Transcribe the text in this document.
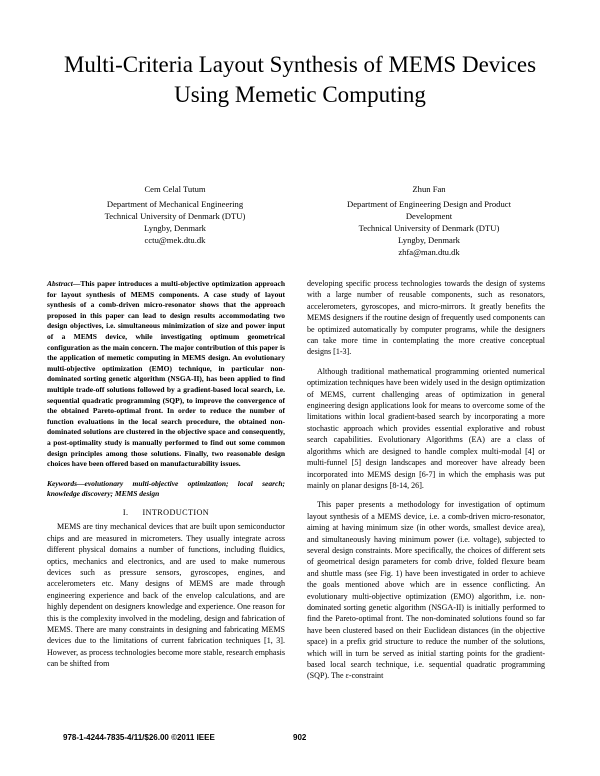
Multi-Criteria Layout Synthesis of MEMS Devices
Using Memetic Computing
Cem Celal Tutum
Department of Mechanical Engineering
Technical University of Denmark (DTU)
Lyngby, Denmark
cctu@mek.dtu.dk
Zhun Fan
Department of Engineering Design and Product
Development
Technical University of Denmark (DTU)
Lyngby, Denmark
zhfa@man.dtu.dk

Abstract—This paper introduces a multi-objective optimization approach for layout synthesis of MEMS components. A case study of layout synthesis of a comb-driven micro-resonator shows that the approach proposed in this paper can lead to design results accommodating two design objectives, i.e. simultaneous minimization of size and power input of a MEMS device, while investigating optimum geometrical configuration as the main concern. The major contribution of this paper is the application of memetic computing in MEMS design. An evolutionary multi-objective optimization (EMO) technique, in particular non-dominated sorting genetic algorithm (NSGA-II), has been applied to find multiple trade-off solutions followed by a gradient-based local search, i.e. sequential quadratic programming (SQP), to improve the convergence of the obtained Pareto-optimal front. In order to reduce the number of function evaluations in the local search procedure, the obtained non-dominated solutions are clustered in the objective space and consequently, a post-optimality study is manually performed to find out some common design principles among those solutions. Finally, two reasonable design choices have been offered based on manufacturability issues.

Keywords—evolutionary multi-objective optimization; local search; knowledge discovery; MEMS design

I. INTRODUCTION

MEMS are tiny mechanical devices that are built upon semiconductor chips and are measured in micrometers. They usually integrate across different physical domains a number of functions, including fluidics, optics, mechanics and electronics, and are used to make numerous devices such as pressure sensors, gyroscopes, engines, and accelerometers etc. Many designs of MEMS are made through engineering experience and back of the envelop calculations, and are highly dependent on designers knowledge and experience. One reason for this is the complexity involved in the modeling, design and fabrication of MEMS. There are many constraints in designing and fabricating MEMS devices due to the limitations of current fabrication techniques [1, 3]. However, as process technologies become more stable, research emphasis can be shifted from

developing specific process technologies towards the design of systems with a large number of reusable components, such as resonators, accelerometers, gyroscopes, and micro-mirrors. It greatly benefits the MEMS designers if the routine design of frequently used components can be optimized automatically by computer programs, while the designers can take more time in contemplating the more creative conceptual designs [1-3].

Although traditional mathematical programming oriented numerical optimization techniques have been widely used in the design optimization of MEMS, current challenging areas of optimization in general engineering design applications look for means to overcome some of the limitations within local gradient-based search by incorporating a more stochastic approach which provides essential explorative and robust search capabilities. Evolutionary Algorithms (EA) are a class of algorithms which are designed to handle complex multi-modal [4] or multi-funnel [5] design landscapes and moreover have already been incorporated into MEMS design [6-7] in which the emphasis was put mainly on planar designs [8-14, 26].

This paper presents a methodology for investigation of optimum layout synthesis of a MEMS device, i.e. a comb-driven micro-resonator, aiming at having minimum size (in other words, smallest device area), and simultaneously having minimum power (i.e. voltage), subjected to several design constraints. More specifically, the choices of different sets of geometrical design parameters for comb drive, folded flexure beam and shuttle mass (see Fig. 1) have been investigated in order to achieve the goals mentioned above which are in essence conflicting. An evolutionary multi-objective optimization (EMO) algorithm, i.e. non-dominated sorting genetic algorithm (NSGA-II) is initially performed to find the Pareto-optimal front. The non-dominated solutions found so far have been clustered based on their Euclidean distances (in the objective space) in a prefix grid structure to reduce the number of the solutions, which will in turn be served as initial starting points for the gradient-based local search technique, i.e. sequential quadratic programming (SQP). The ε-constraint

978-1-4244-7835-4/11/$26.00 ©2011 IEEE	902
